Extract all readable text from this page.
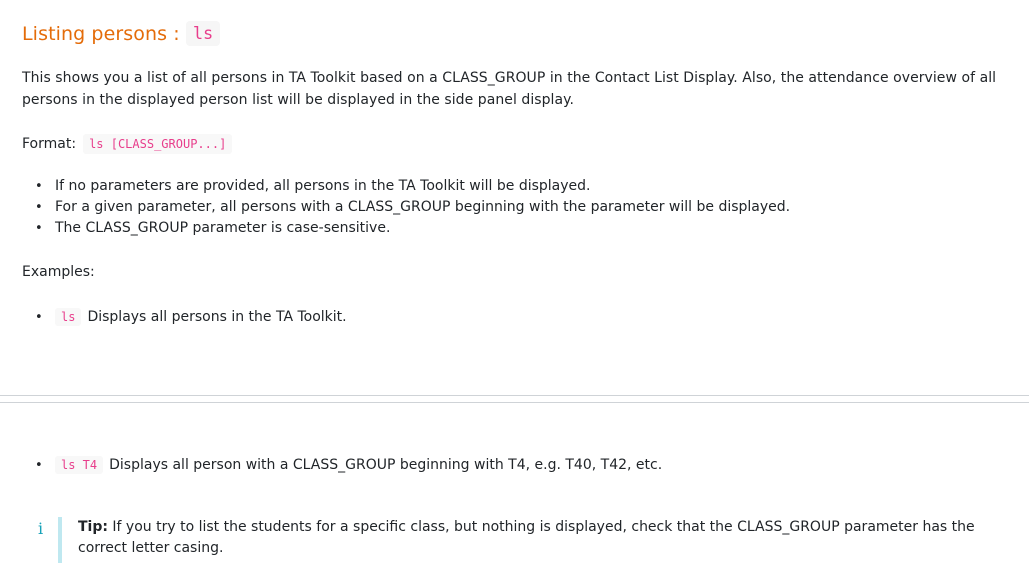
Listing persons : ls

This shows you a list of all persons in TA Toolkit based on a CLASS_GROUP in the Contact List Display. Also, the attendance overview of all persons in the displayed person list will be displayed in the side panel display.

Format:	ls [CLASS_GROUP...]
• If no parameters are provided, all persons in the TA Toolkit will be displayed.
• For a given parameter, all persons with a CLASS_GROUP beginning with the parameter will be displayed.
• The CLASS_GROUP parameter is case-sensitive.
Examples:
•	ls Displays all persons in the TA Toolkit.
•	ls T4 Displays all person with a CLASS_GROUP beginning with T4, e.g. T40, T42, etc.
i	Tip: If you try to list the students for a specific class, but nothing is displayed, check that the CLASS_GROUP parameter has the correct letter casing.
